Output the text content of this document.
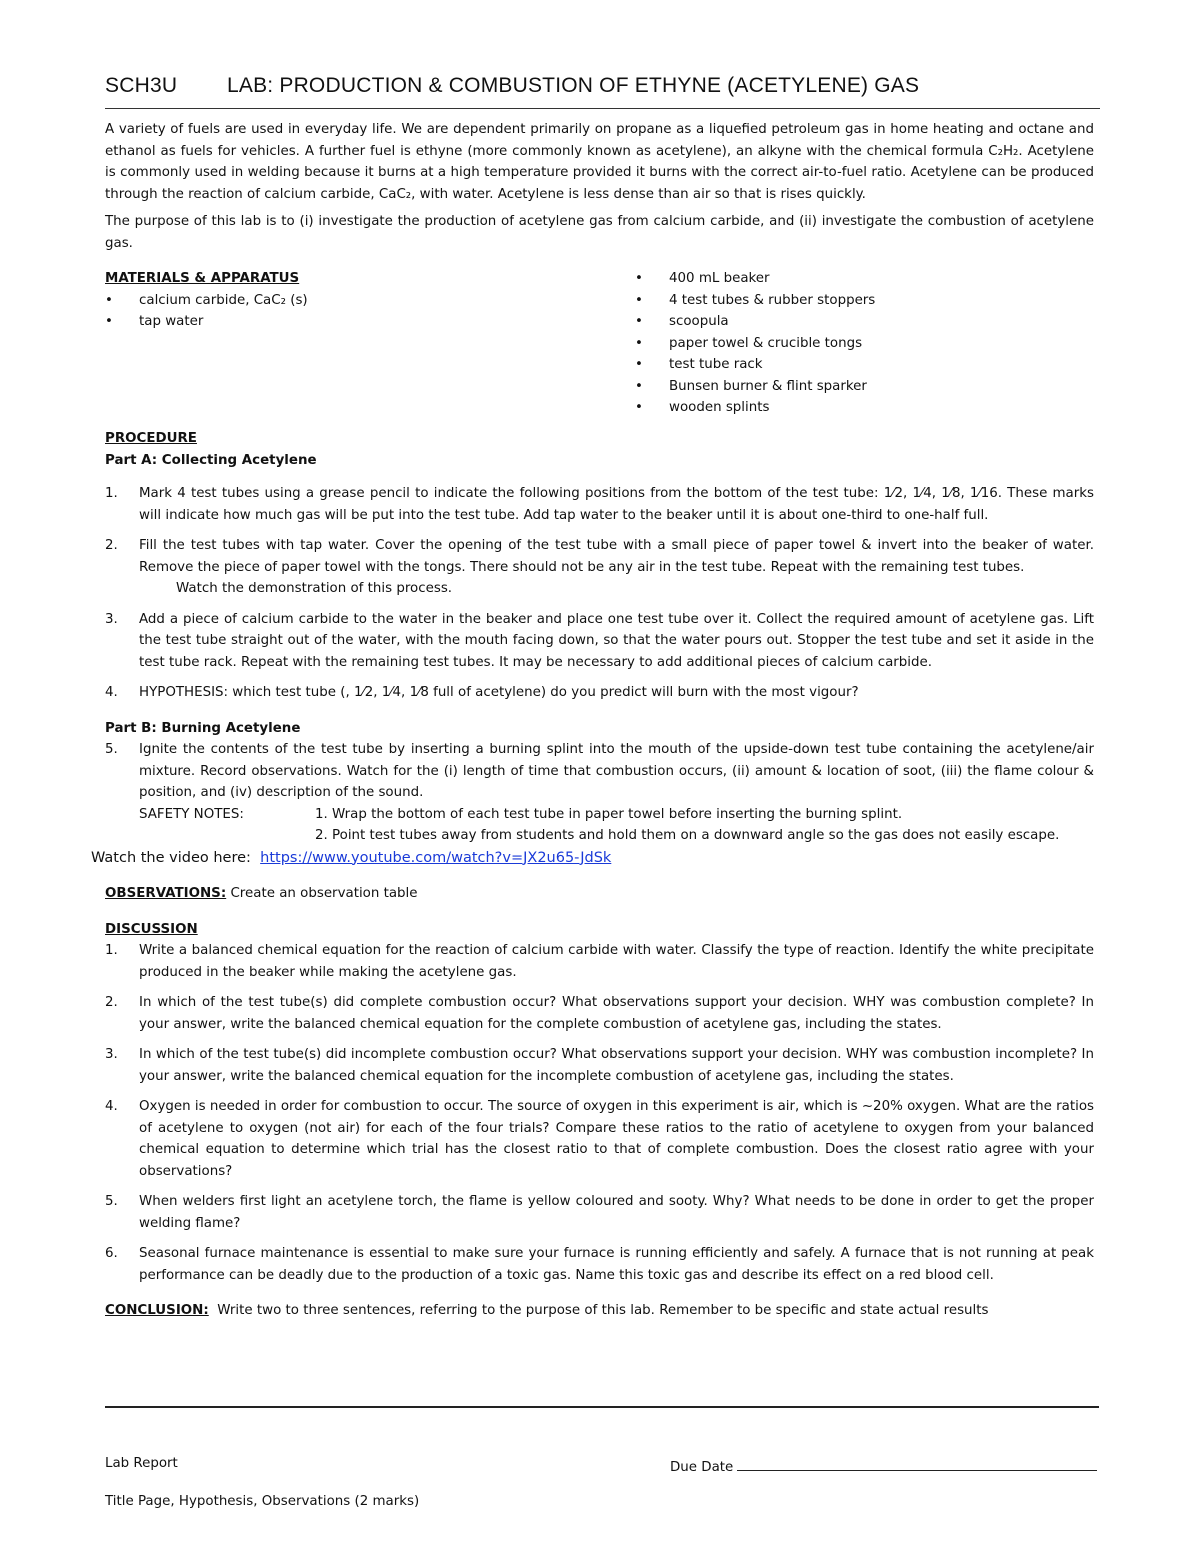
SCH3U LAB: PRODUCTION & COMBUSTION OF ETHYNE (ACETYLENE) GAS

A variety of fuels are used in everyday life. We are dependent primarily on propane as a liquefied petroleum gas in home heating and octane and ethanol as fuels for vehicles. A further fuel is ethyne (more commonly known as acetylene), an alkyne with the chemical formula C₂H₂. Acetylene is commonly used in welding because it burns at a high temperature provided it burns with the correct air-to-fuel ratio. Acetylene can be produced through the reaction of calcium carbide, CaC₂, with water. Acetylene is less dense than air so that is rises quickly.

The purpose of this lab is to (i) investigate the production of acetylene gas from calcium carbide, and (ii) investigate the combustion of acetylene gas.

MATERIALS & APPARATUS
• calcium carbide, CaC₂ (s)
• tap water
• 400 mL beaker
• 4 test tubes & rubber stoppers
• scoopula
• paper towel & crucible tongs
• test tube rack
• Bunsen burner & flint sparker
• wooden splints
PROCEDURE
Part A: Collecting Acetylene
1. Mark 4 test tubes using a grease pencil to indicate the following positions from the bottom of the test tube: 1⁄2, 1⁄4, 1⁄8, 1⁄16. These marks will indicate how much gas will be put into the test tube. Add tap water to the beaker until it is about one-third to one-half full.
2. Fill the test tubes with tap water. Cover the opening of the test tube with a small piece of paper towel & invert into the beaker of water. Remove the piece of paper towel with the tongs. There should not be any air in the test tube. Repeat with the remaining test tubes.
Watch the demonstration of this process.
3. Add a piece of calcium carbide to the water in the beaker and place one test tube over it. Collect the required amount of acetylene gas. Lift the test tube straight out of the water, with the mouth facing down, so that the water pours out. Stopper the test tube and set it aside in the test tube rack. Repeat with the remaining test tubes. It may be necessary to add additional pieces of calcium carbide.
4. HYPOTHESIS: which test tube (, 1⁄2, 1⁄4, 1⁄8 full of acetylene) do you predict will burn with the most vigour?
Part B: Burning Acetylene
5. Ignite the contents of the test tube by inserting a burning splint into the mouth of the upside-down test tube containing the acetylene/air mixture. Record observations. Watch for the (i) length of time that combustion occurs, (ii) amount & location of soot, (iii) the flame colour & position, and (iv) description of the sound.
SAFETY NOTES:	1. Wrap the bottom of each test tube in paper towel before inserting the burning splint.
2. Point test tubes away from students and hold them on a downward angle so the gas does not easily escape.
Watch the video here: https://www.youtube.com/watch?v=JX2u65-JdSk
OBSERVATIONS: Create an observation table
DISCUSSION
1. Write a balanced chemical equation for the reaction of calcium carbide with water. Classify the type of reaction. Identify the white precipitate produced in the beaker while making the acetylene gas.
2. In which of the test tube(s) did complete combustion occur? What observations support your decision. WHY was combustion complete? In your answer, write the balanced chemical equation for the complete combustion of acetylene gas, including the states.
3. In which of the test tube(s) did incomplete combustion occur? What observations support your decision. WHY was combustion incomplete? In your answer, write the balanced chemical equation for the incomplete combustion of acetylene gas, including the states.
4. Oxygen is needed in order for combustion to occur. The source of oxygen in this experiment is air, which is ~20% oxygen. What are the ratios of acetylene to oxygen (not air) for each of the four trials? Compare these ratios to the ratio of acetylene to oxygen from your balanced chemical equation to determine which trial has the closest ratio to that of complete combustion. Does the closest ratio agree with your observations?
5. When welders first light an acetylene torch, the flame is yellow coloured and sooty. Why? What needs to be done in order to get the proper welding flame?
6. Seasonal furnace maintenance is essential to make sure your furnace is running efficiently and safely. A furnace that is not running at peak performance can be deadly due to the production of a toxic gas. Name this toxic gas and describe its effect on a red blood cell.
CONCLUSION: Write two to three sentences, referring to the purpose of this lab. Remember to be specific and state actual results
Lab Report	Due Date
Title Page, Hypothesis, Observations (2 marks)
